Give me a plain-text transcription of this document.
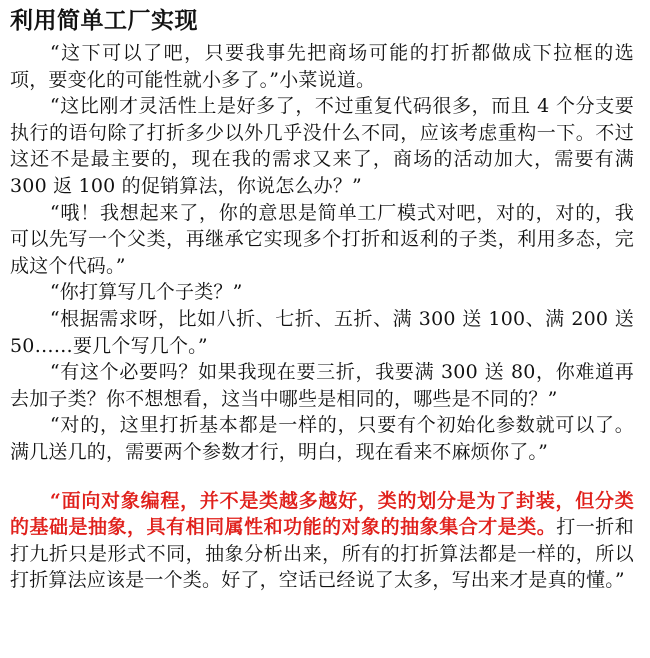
利用简单工厂实现

“这下可以了吧，只要我事先把商场可能的打折都做成下拉框的选项，要变化的可能性就小多了。”小菜说道。

“这比刚才灵活性上是好多了，不过重复代码很多，而且 4 个分支要执行的语句除了打折多少以外几乎没什么不同，应该考虑重构一下。不过这还不是最主要的，现在我的需求又来了，商场的活动加大，需要有满 300 返 100 的促销算法，你说怎么办？”

“哦！我想起来了，你的意思是简单工厂模式对吧，对的，对的，我可以先写一个父类，再继承它实现多个打折和返利的子类，利用多态，完成这个代码。”

“你打算写几个子类？”

“根据需求呀，比如八折、七折、五折、满 300 送 100、满 200 送 50……要几个写几个。”

“有这个必要吗？如果我现在要三折，我要满 300 送 80，你难道再去加子类？你不想想看，这当中哪些是相同的，哪些是不同的？”

“对的，这里打折基本都是一样的，只要有个初始化参数就可以了。满几送几的，需要两个参数才行，明白，现在看来不麻烦你了。”

“面向对象编程，并不是类越多越好，类的划分是为了封装，但分类的基础是抽象，具有相同属性和功能的对象的抽象集合才是类。打一折和打九折只是形式不同，抽象分析出来，所有的打折算法都是一样的，所以打折算法应该是一个类。好了，空话已经说了太多，写出来才是真的懂。”
